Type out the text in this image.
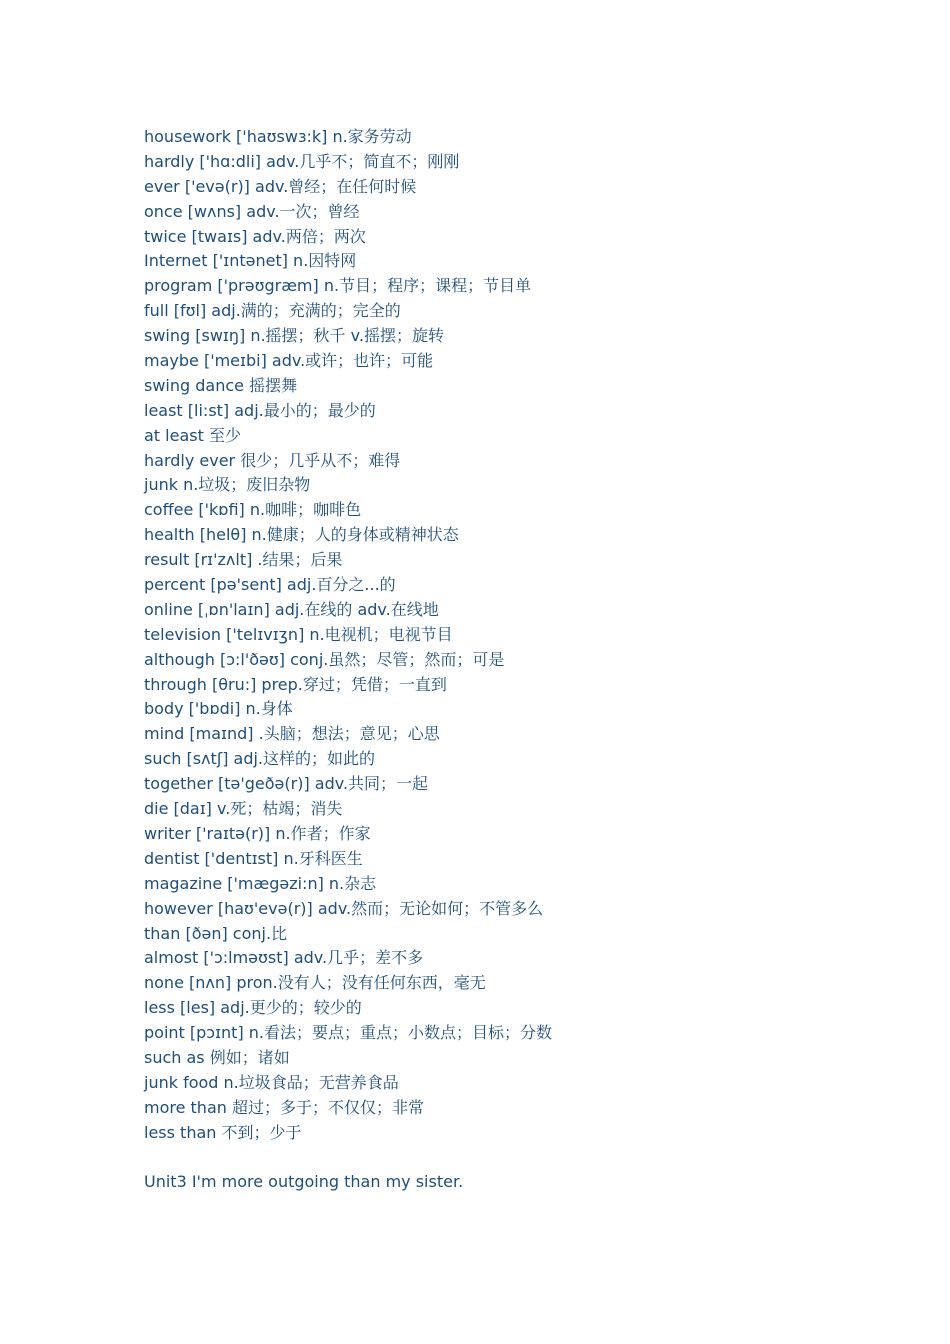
housework ['haʊswɜ:k] n.家务劳动
hardly ['hɑ:dli] adv.几乎不；简直不；刚刚
ever ['evə(r)] adv.曾经；在任何时候
once [wʌns] adv.一次；曾经
twice [twaɪs] adv.两倍；两次
Internet ['ɪntənet] n.因特网
program ['prəʊgræm] n.节目；程序；课程；节目单
full [fʊl] adj.满的；充满的；完全的
swing [swɪŋ] n.摇摆；秋千 v.摇摆；旋转
maybe ['meɪbi] adv.或许；也许；可能
swing dance 摇摆舞
least [li:st] adj.最小的；最少的
at least 至少
hardly ever 很少；几乎从不；难得
junk n.垃圾；废旧杂物
coffee ['kɒfi] n.咖啡；咖啡色
health [helθ] n.健康；人的身体或精神状态
result [rɪ'zʌlt] .结果；后果
percent [pə'sent] adj.百分之...的
online [ˌɒn'laɪn] adj.在线的 adv.在线地
television ['telɪvɪʒn] n.电视机；电视节目
although [ɔ:l'ðəʊ] conj.虽然；尽管；然而；可是
through [θru:] prep.穿过；凭借；一直到
body ['bɒdi] n.身体
mind [maɪnd] .头脑；想法；意见；心思
such [sʌtʃ] adj.这样的；如此的
together [tə'geðə(r)] adv.共同；一起
die [daɪ] v.死；枯竭；消失
writer ['raɪtə(r)] n.作者；作家
dentist ['dentɪst] n.牙科医生
magazine ['mægəzi:n] n.杂志
however [haʊ'evə(r)] adv.然而；无论如何；不管多么
than [ðən] conj.比
almost ['ɔ:lməʊst] adv.几乎；差不多
none [nʌn] pron.没有人；没有任何东西，毫无
less [les] adj.更少的；较少的
point [pɔɪnt] n.看法；要点；重点；小数点；目标；分数
such as 例如；诸如
junk food n.垃圾食品；无营养食品
more than 超过；多于；不仅仅；非常
less than 不到；少于
Unit3 I'm more outgoing than my sister.
